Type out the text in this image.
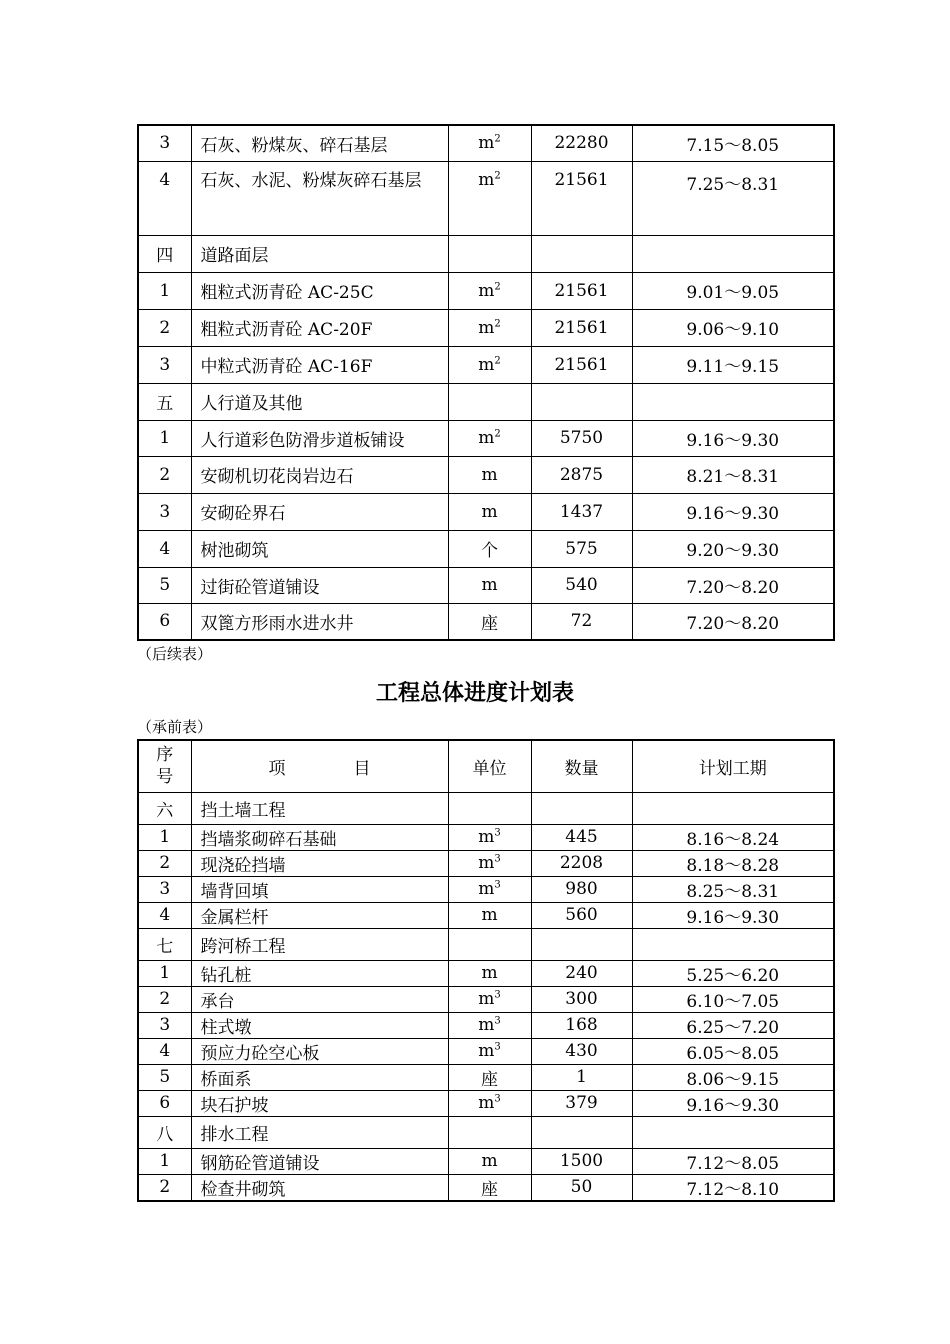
3	石灰、粉煤灰、碎石基层	$m^2$	22280	7.15～8.05
4	石灰、水泥、粉煤灰碎石基层	$m^2$	21561	7.25～8.31
四	道路面层			
1	粗粒式沥青砼 AC-25C	$m^2$	21561	9.01～9.05
2	粗粒式沥青砼 AC-20F	$m^2$	21561	9.06～9.10
3	中粒式沥青砼 AC-16F	$m^2$	21561	9.11～9.15
五	人行道及其他			
1	人行道彩色防滑步道板铺设	$m^2$	5750	9.16～9.30
2	安砌机切花岗岩边石	m	2875	8.21～8.31
3	安砌砼界石	m	1437	9.16～9.30
4	树池砌筑	个	575	9.20～9.30
5	过街砼管道铺设	m	540	7.20～8.20
6	双篦方形雨水进水井	座	72	7.20～8.20
（后续表）
工程总体进度计划表
（承前表）
序
号	项　　　　目	单位	数量	计划工期
六	挡土墙工程			
1	挡墙浆砌碎石基础	$m^3$	445	8.16～8.24
2	现浇砼挡墙	$m^3$	2208	8.18～8.28
3	墙背回填	$m^3$	980	8.25～8.31
4	金属栏杆	m	560	9.16～9.30
七	跨河桥工程			
1	钻孔桩	m	240	5.25～6.20
2	承台	$m^3$	300	6.10～7.05
3	柱式墩	$m^3$	168	6.25～7.20
4	预应力砼空心板	$m^3$	430	6.05～8.05
5	桥面系	座	1	8.06～9.15
6	块石护坡	$m^3$	379	9.16～9.30
八	排水工程			
1	钢筋砼管道铺设	m	1500	7.12～8.05
2	检查井砌筑	座	50	7.12～8.10
